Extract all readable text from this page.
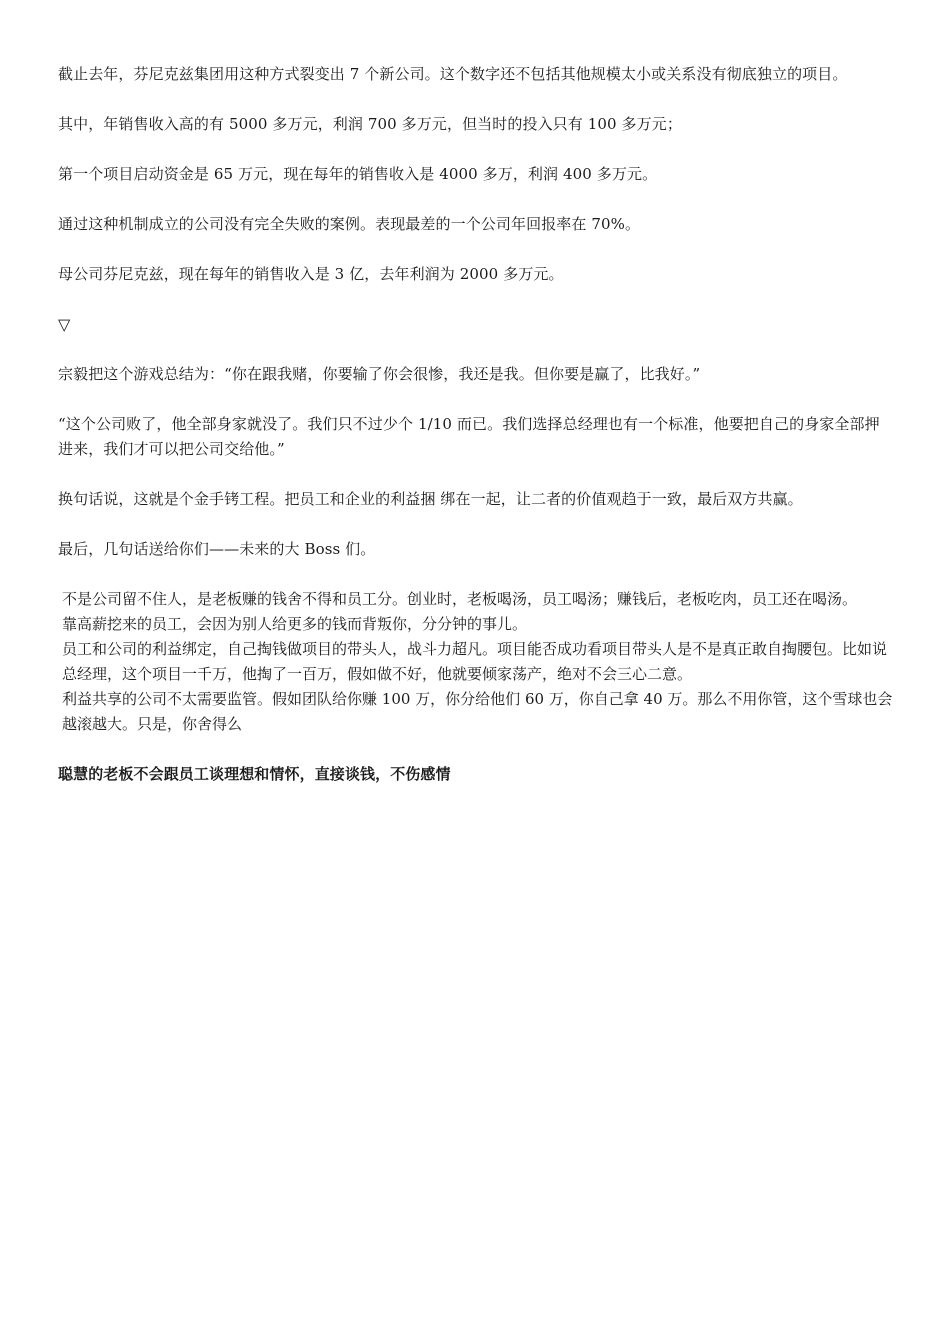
截止去年，芬尼克兹集团用这种方式裂变出 7 个新公司。这个数字还不包括其他规模太小或关系没有彻底独立的项目。

其中，年销售收入高的有 5000 多万元，利润 700 多万元，但当时的投入只有 100 多万元；

第一个项目启动资金是 65 万元，现在每年的销售收入是 4000 多万，利润 400 多万元。

通过这种机制成立的公司没有完全失败的案例。表现最差的一个公司年回报率在 70%。

母公司芬尼克兹，现在每年的销售收入是 3 亿，去年利润为 2000 多万元。

▽

宗毅把这个游戏总结为：“你在跟我赌，你要输了你会很惨，我还是我。但你要是赢了，比我好。”

“这个公司败了，他全部身家就没了。我们只不过少个 1/10 而已。我们选择总经理也有一个标准，他要把自己的身家全部押进来，我们才可以把公司交给他。”

换句话说，这就是个金手铐工程。把员工和企业的利益捆 绑在一起，让二者的价值观趋于一致，最后双方共赢。

最后，几句话送给你们——未来的大 Boss 们。

不是公司留不住人，是老板赚的钱舍不得和员工分。创业时，老板喝汤，员工喝汤；赚钱后，老板吃肉，员工还在喝汤。

靠高薪挖来的员工，会因为别人给更多的钱而背叛你，分分钟的事儿。

员工和公司的利益绑定，自己掏钱做项目的带头人，战斗力超凡。项目能否成功看项目带头人是不是真正敢自掏腰包。比如说总经理，这个项目一千万，他掏了一百万，假如做不好，他就要倾家荡产，绝对不会三心二意。

利益共享的公司不太需要监管。假如团队给你赚 100 万，你分给他们 60 万，你自己拿 40 万。那么不用你管，这个雪球也会越滚越大。只是，你舍得么

聪慧的老板不会跟员工谈理想和情怀，直接谈钱，不伤感情
